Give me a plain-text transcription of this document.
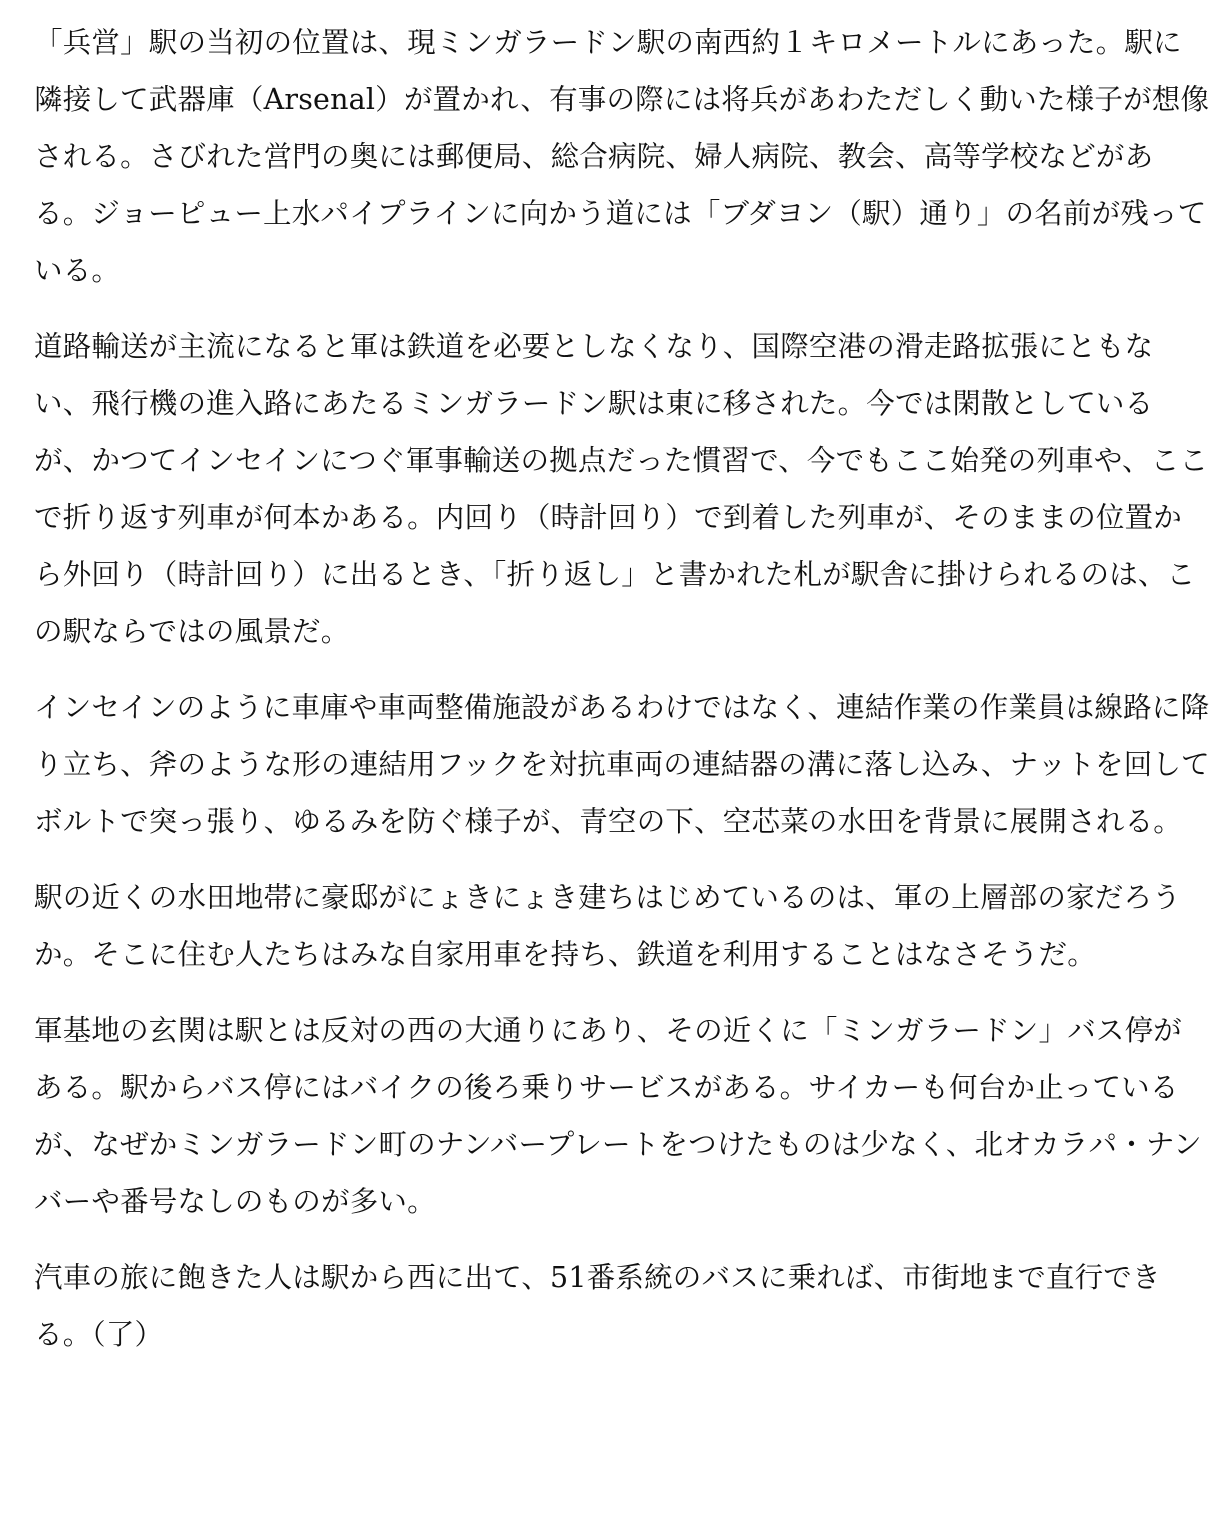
「兵営」駅の当初の位置は、現ミンガラードン駅の南西約１キロメートルにあった。駅に隣接して武器庫（Arsenal）が置かれ、有事の際には将兵があわただしく動いた様子が想像される。さびれた営門の奥には郵便局、総合病院、婦人病院、教会、高等学校などがある。ジョーピュー上水パイプラインに向かう道には「ブダヨン（駅）通り」の名前が残っている。

道路輸送が主流になると軍は鉄道を必要としなくなり、国際空港の滑走路拡張にともない、飛行機の進入路にあたるミンガラードン駅は東に移された。今では閑散としているが、かつてインセインにつぐ軍事輸送の拠点だった慣習で、今でもここ始発の列車や、ここで折り返す列車が何本かある。内回り（時計回り）で到着した列車が、そのままの位置から外回り（時計回り）に出るとき、「折り返し」と書かれた札が駅舎に掛けられるのは、この駅ならではの風景だ。

インセインのように車庫や車両整備施設があるわけではなく、連結作業の作業員は線路に降り立ち、斧のような形の連結用フックを対抗車両の連結器の溝に落し込み、ナットを回してボルトで突っ張り、ゆるみを防ぐ様子が、青空の下、空芯菜の水田を背景に展開される。

駅の近くの水田地帯に豪邸がにょきにょき建ちはじめているのは、軍の上層部の家だろうか。そこに住む人たちはみな自家用車を持ち、鉄道を利用することはなさそうだ。

軍基地の玄関は駅とは反対の西の大通りにあり、その近くに「ミンガラードン」バス停がある。駅からバス停にはバイクの後ろ乗りサービスがある。サイカーも何台か止っているが、なぜかミンガラードン町のナンバープレートをつけたものは少なく、北オカラパ・ナンバーや番号なしのものが多い。

汽車の旅に飽きた人は駅から西に出て、51番系統のバスに乗れば、市街地まで直行できる。（了）
